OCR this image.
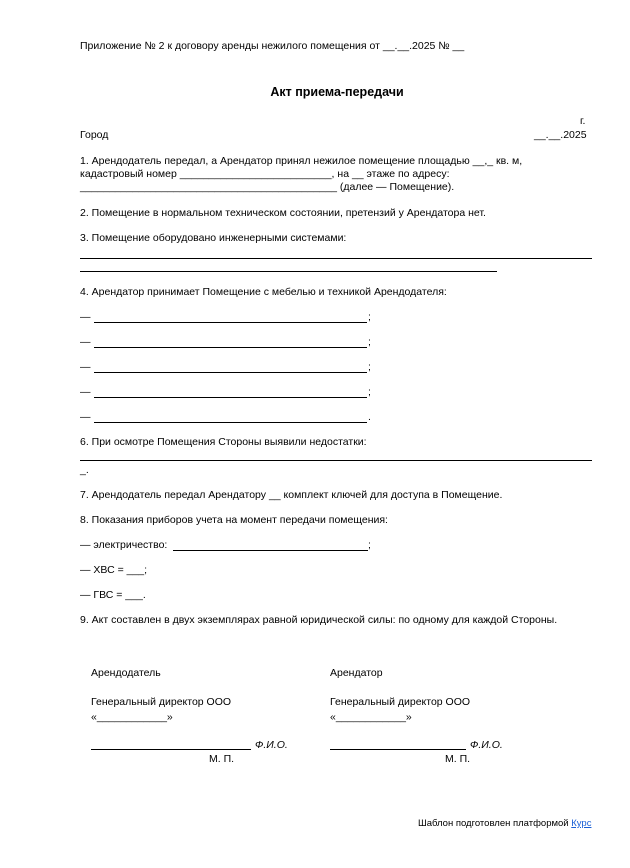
Приложение № 2 к договору аренды нежилого помещения от __.__.2025 № __
Акт приема-передачи
г.
Город	__.__.2025
1. Арендодатель передал, а Арендатор принял нежилое помещение площадью __,_ кв. м,
кадастровый номер __________________________, на __ этаже по адресу:
____________________________________________ (далее — Помещение).
2. Помещение в нормальном техническом состоянии, претензий у Арендатора нет.
3. Помещение оборудовано инженерными системами:
4. Арендатор принимает Помещение с мебелью и техникой Арендодателя:
—	;
—	;
—	;
—	;
—	.
6. При осмотре Помещения Стороны выявили недостатки:
_.
7. Арендодатель передал Арендатору __ комплект ключей для доступа в Помещение.
8. Показания приборов учета на момент передачи помещения:
— электричество:	;
— ХВС = ___;
— ГВС = ___.
9. Акт составлен в двух экземплярах равной юридической силы: по одному для каждой Стороны.
Арендодатель
Генеральный директор ООО
«____________»
Ф.И.О.
М. П.
Арендатор
Генеральный директор ООО
«____________»
Ф.И.О.
М. П.
Шаблон подготовлен платформой Курс
